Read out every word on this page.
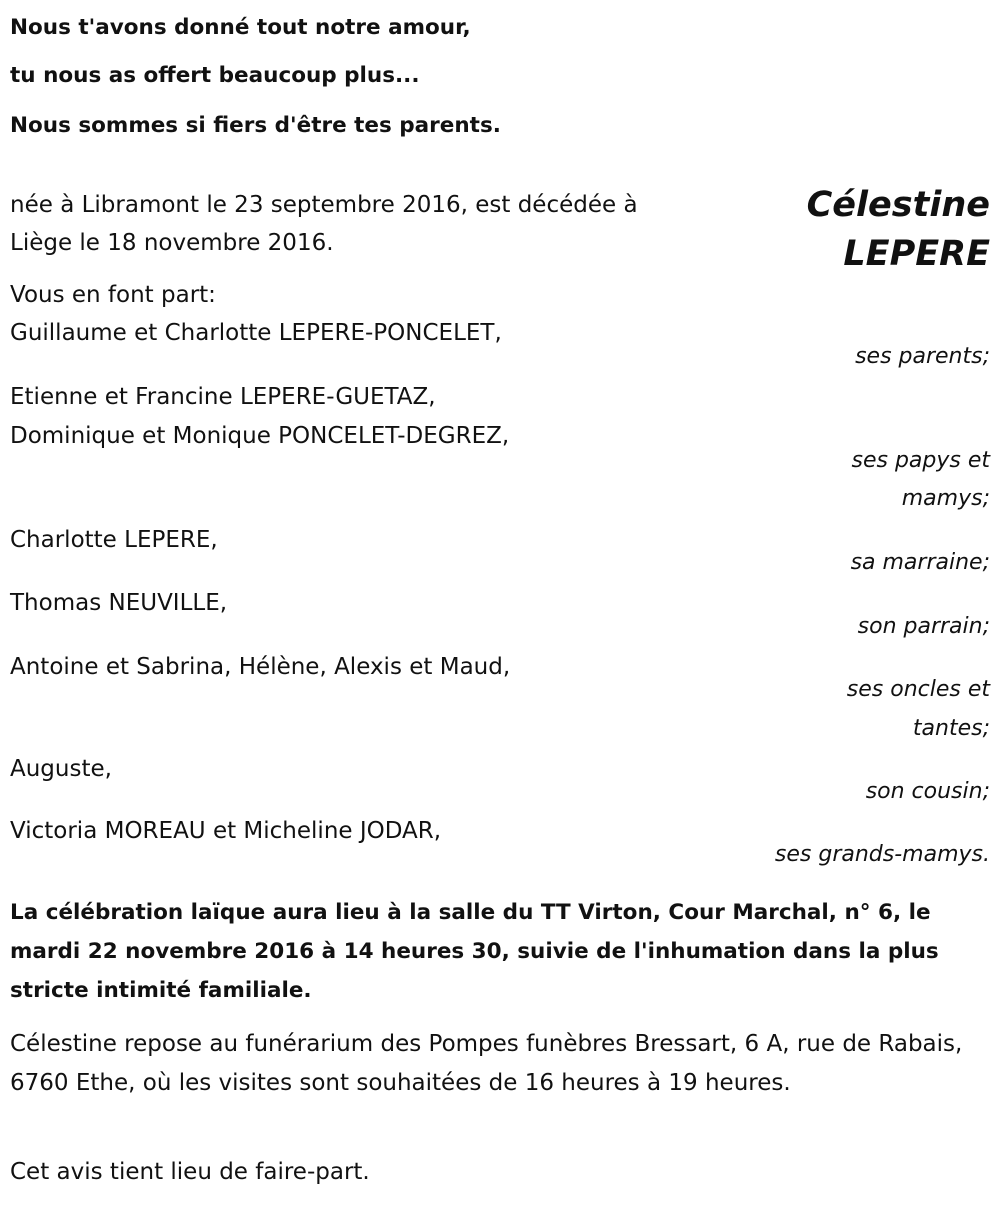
Nous t'avons donné tout notre amour,
tu nous as offert beaucoup plus...
Nous sommes si fiers d'être tes parents.
Célestine
LEPERE
née à Libramont le 23 septembre 2016, est décédée à
Liège le 18 novembre 2016.
Vous en font part:
Guillaume et Charlotte LEPERE-PONCELET,
ses parents;
Etienne et Francine LEPERE-GUETAZ,
Dominique et Monique PONCELET-DEGREZ,
ses papys et
mamys;
Charlotte LEPERE,
sa marraine;
Thomas NEUVILLE,
son parrain;
Antoine et Sabrina, Hélène, Alexis et Maud,
ses oncles et
tantes;
Auguste,
son cousin;
Victoria MOREAU et Micheline JODAR,
ses grands-mamys.
La célébration laïque aura lieu à la salle du TT Virton, Cour Marchal, n° 6, le mardi 22 novembre 2016 à 14 heures 30, suivie de l'inhumation dans la plus stricte intimité familiale.
Célestine repose au funérarium des Pompes funèbres Bressart, 6 A, rue de Rabais, 6760 Ethe, où les visites sont souhaitées de 16 heures à 19 heures.
Cet avis tient lieu de faire-part.
